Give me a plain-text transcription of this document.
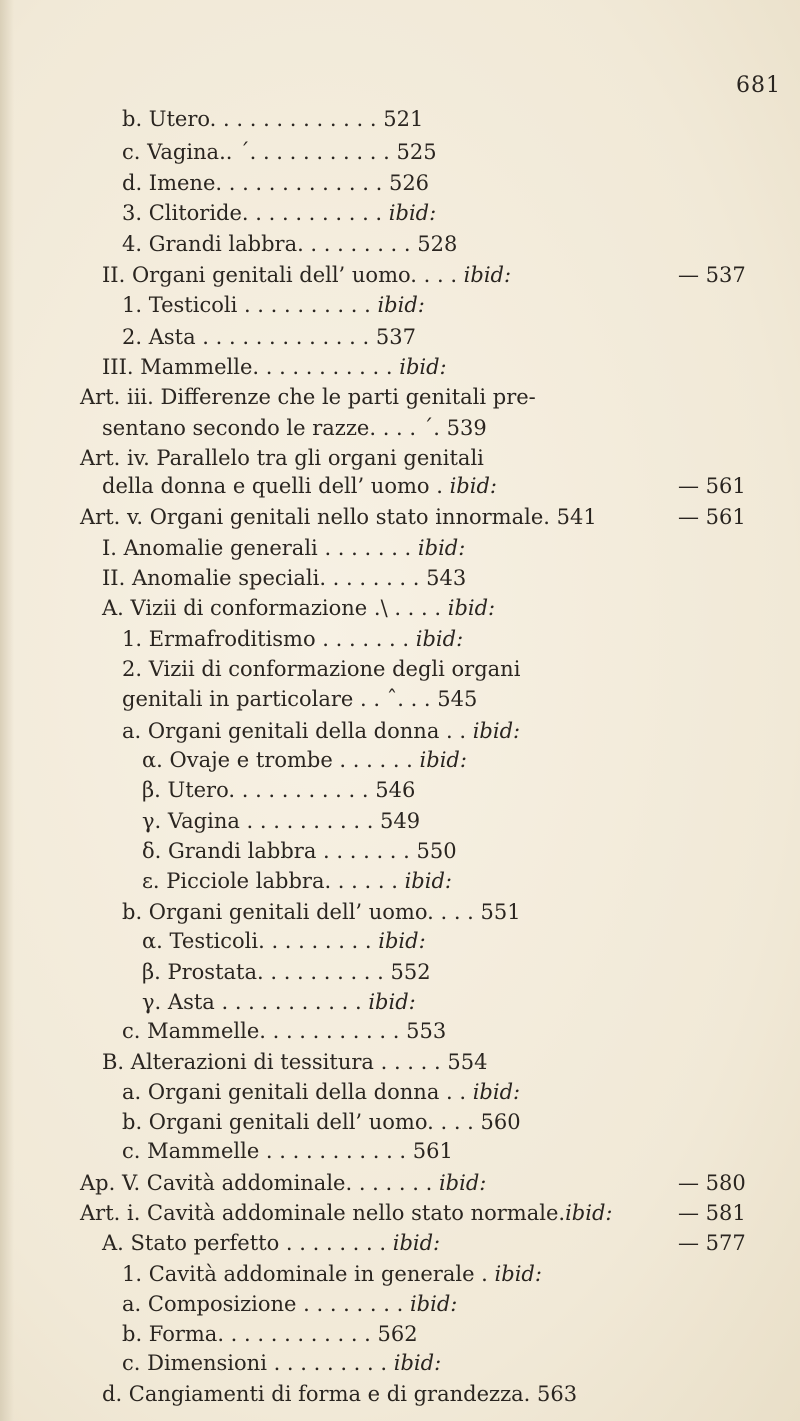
681
b. Utero. . . . . . . . . . . . . 521
c. Vagina.. ´. . . . . . . . . . . 525
d. Imene. . . . . . . . . . . . . 526
3. Clitoride. . . . . . . . . . . ibid:
4. Grandi labbra. . . . . . . . . 528
II. Organi genitali dell’ uomo. . . . ibid:
1. Testicoli . . . . . . . . . . ibid:
2. Asta . . . . . . . . . . . . . 537
III. Mammelle. . . . . . . . . . . ibid:
Art. iii. Differenze che le parti genitali pre-
sentano secondo le razze. . . . ´. 539
Art. iv. Parallelo tra gli organi genitali
della donna e quelli dell’ uomo . ibid:
Art. v. Organi genitali nello stato innormale. 541
I. Anomalie generali . . . . . . . ibid:
II. Anomalie speciali. . . . . . . . 543
A. Vizii di conformazione .\ . . . . ibid:
1. Ermafroditismo . . . . . . . ibid:
2. Vizii di conformazione degli organi
genitali in particolare . . ˆ. . . 545
a. Organi genitali della donna . . ibid:
α. Ovaje e trombe . . . . . . ibid:
β. Utero. . . . . . . . . . . 546
γ. Vagina . . . . . . . . . . 549
δ. Grandi labbra . . . . . . . 550
ε. Picciole labbra. . . . . . ibid:
b. Organi genitali dell’ uomo. . . . 551
α. Testicoli. . . . . . . . . ibid:
β. Prostata. . . . . . . . . . 552
γ. Asta . . . . . . . . . . . ibid:
c. Mammelle. . . . . . . . . . . 553
B. Alterazioni di tessitura . . . . . 554
a. Organi genitali della donna . . ibid:
b. Organi genitali dell’ uomo. . . . 560
c. Mammelle . . . . . . . . . . . 561
Ap. V. Cavità addominale. . . . . . . ibid:
Art. i. Cavità addominale nello stato normale.ibid:
A. Stato perfetto . . . . . . . . ibid:
1. Cavità addominale in generale . ibid:
a. Composizione . . . . . . . . ibid:
b. Forma. . . . . . . . . . . . 562
c. Dimensioni . . . . . . . . . ibid:
d. Cangiamenti di forma e di grandezza. 563
— 537
— 561
— 561
— 580
— 581
— 577
